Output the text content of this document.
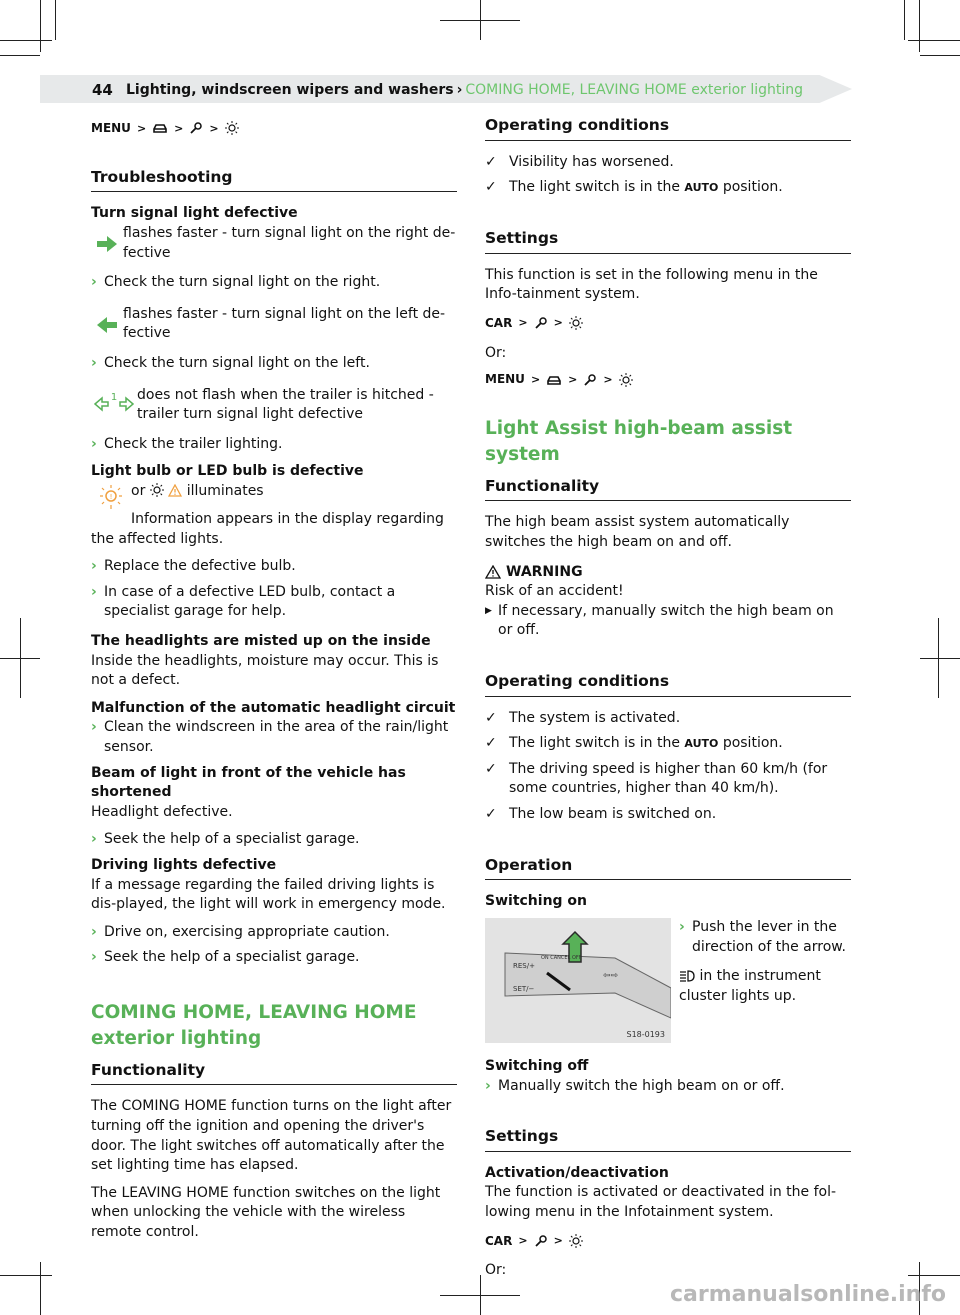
44 Lighting, windscreen wipers and washers › COMING HOME, LEAVING HOME exterior lighting
MENU >	> >
Troubleshooting
Turn signal light defective
flashes faster - turn signal light on the right de-fective
› Check the turn signal light on the right.
flashes faster - turn signal light on the left de-fective
› Check the turn signal light on the left.
1 does not flash when the trailer is hitched - trailer turn signal light defective
› Check the trailer lighting.
Light bulb or LED bulb is defective
! or	illuminates

Information appears in the display regarding the affected lights.

› Replace the defective bulb.
› In case of a defective LED bulb, contact a specialist garage for help.
The headlights are misted up on the inside

Inside the headlights, moisture may occur. This is not a defect.

Malfunction of the automatic headlight circuit
› Clean the windscreen in the area of the rain/light sensor.
Beam of light in front of the vehicle has shortened

Headlight defective.

› Seek the help of a specialist garage.
Driving lights defective

If a message regarding the failed driving lights is dis-played, the light will work in emergency mode.

› Drive on, exercising appropriate caution.
› Seek the help of a specialist garage.
COMING HOME, LEAVING HOME exterior lighting
Functionality

The COMING HOME function turns on the light after turning off the ignition and opening the driver's door. The light switches off automatically after the set lighting time has elapsed.

The LEAVING HOME function switches on the light when unlocking the vehicle with the wireless remote control.

Operating conditions
✓ Visibility has worsened.
✓ The light switch is in the AUTO position.
Settings

This function is set in the following menu in the Info-tainment system.

CAR > >

Or:

MENU >	> >
Light Assist high-beam assist system
Functionality

The high beam assist system automatically switches the high beam on and off.

WARNING
Risk of an accident!
▶ If necessary, manually switch the high beam on or off.
Operating conditions
✓ The system is activated.
✓ The light switch is in the AUTO position.
✓ The driving speed is higher than 60 km/h (for some countries, higher than 40 km/h).
✓ The low beam is switched on.
Operation
Switching on
RES/+
SET/−
ON CANCEL OFF
⇦⇨
S18-0193
› Push the lever in the direction of the arrow.

in the instrument cluster lights up.

Switching off
› Manually switch the high beam on or off.
Settings
Activation/deactivation

The function is activated or deactivated in the fol-lowing menu in the Infotainment system.

CAR > >

Or:

carmanualsonline.info
